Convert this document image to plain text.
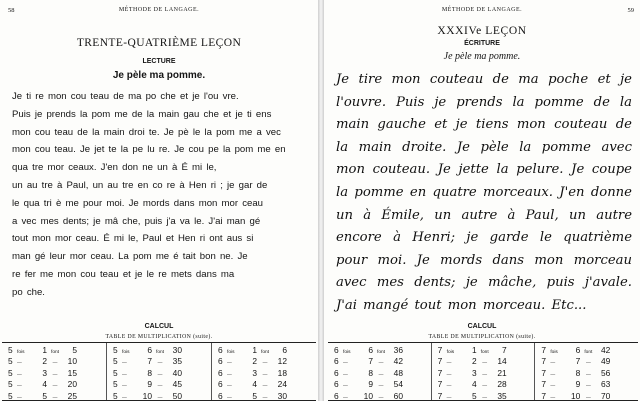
58	MÉTHODE DE LANGAGE.
TRENTE-QUATRIÈME LEÇON
LECTURE
Je pèle ma pomme.
Je ti re mon cou teau de ma po che et je l'ou vre.
Puis je prends la pom me de la main gau che et je ti ens
mon cou teau de la main droi te. Je pè le la pom me a vec
mon cou teau. Je jet te la pe lu re. Je cou pe la pom me en
qua tre mor ceaux. J'en don ne un à É mi le,
un au tre à Paul, un au tre en co re à Hen ri ; je gar de
le qua tri è me pour moi. Je mords dans mon mor ceau
a vec mes dents; je mâ che, puis j'a va le. J'ai man gé
tout mon mor ceau. É mi le, Paul et Hen ri ont aus si
man gé leur mor ceau. La pom me é tait bon ne. Je
re fer me mon cou teau et je le re mets dans ma
po che.
CALCUL
TABLE DE MULTIPLICATION (suite).
5 fois	1 font	5
5 —	2	—	10
5 —	3	—	15
5 —	4	—	20
5 —	5	—	25
5 fois	6 font	30
5 —	7	—	35
5 —	8	—	40
5 —	9	—	45
5 —	10	—	50
6 fois	1 font	6
6 —	2	—	12
6 —	3	—	18
6 —	4	—	24
6 —	5	—	30
59
MÉTHODE DE LANGAGE.
XXXIVe LEÇON
ÉCRITURE
Je pèle ma pomme.
Je tire mon couteau de ma poche et je l'ouvre. Puis je prends la pomme de la main gauche et je tiens mon couteau de la main droite. Je pèle la pomme avec mon couteau. Je jette la pelure. Je coupe la pomme en quatre morceaux. J'en donne un à Émile, un autre à Paul, un autre encore à Henri; je garde le quatrième pour moi. Je mords dans mon morceau avec mes dents; je mâche, puis j'avale. J'ai mangé tout mon morceau. Etc...
CALCUL
TABLE DE MULTIPLICATION (suite).
6 fois	6 font	36
6 —	7	—	42
6 —	8	—	48
6 —	9	—	54
6 —	10	—	60
7 fois	1 font	7
7 —	2	—	14
7 —	3	—	21
7 —	4	—	28
7 —	5	—	35
7 fois	6 font	42
7 —	7	—	49
7 —	8	—	56
7 —	9	—	63
7 —	10	—	70
